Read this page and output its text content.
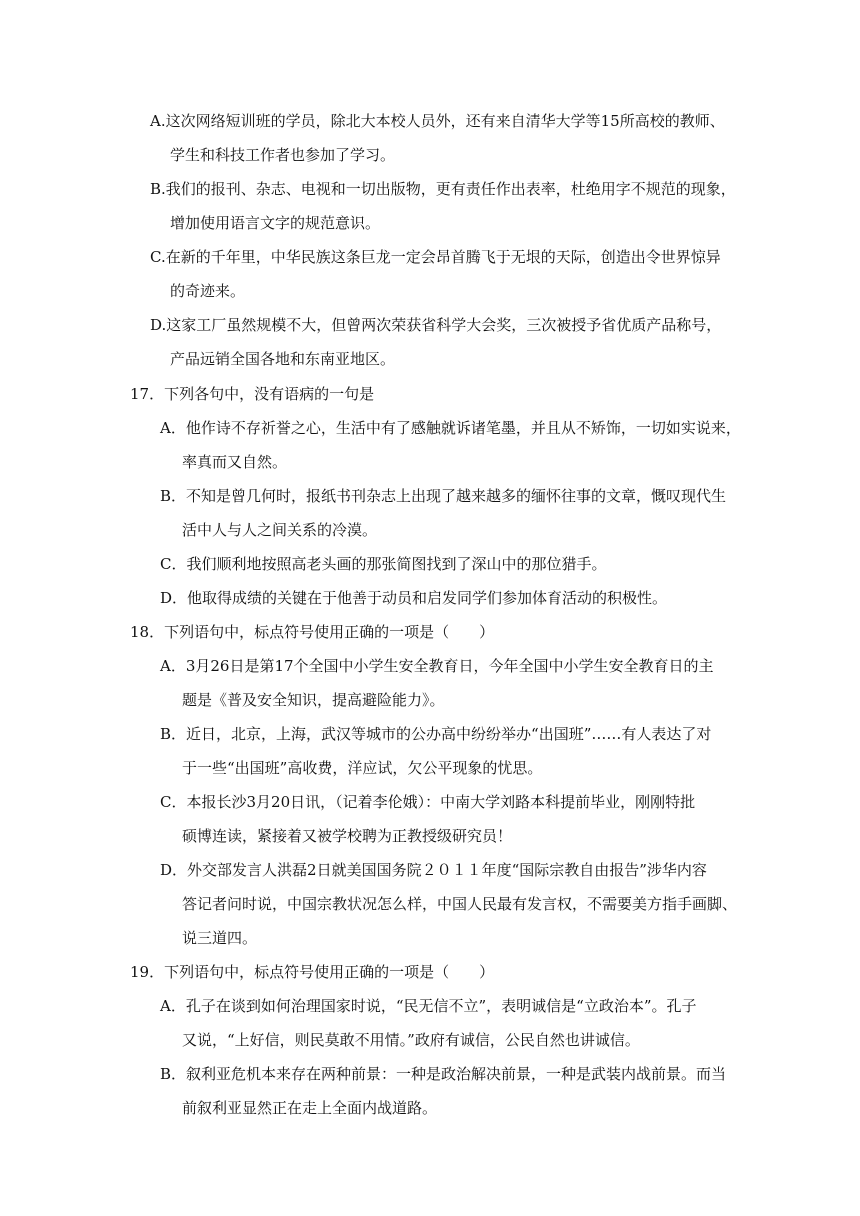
A.这次网络短训班的学员，除北大本校人员外，还有来自清华大学等15所高校的教师、
学生和科技工作者也参加了学习。
B.我们的报刊、杂志、电视和一切出版物，更有责任作出表率，杜绝用字不规范的现象，
增加使用语言文字的规范意识。
C.在新的千年里，中华民族这条巨龙一定会昂首腾飞于无垠的天际，创造出令世界惊异
的奇迹来。
D.这家工厂虽然规模不大，但曾两次荣获省科学大会奖，三次被授予省优质产品称号，
产品远销全国各地和东南亚地区。
17．下列各句中，没有语病的一句是
A．他作诗不存祈誉之心，生活中有了感触就诉诸笔墨，并且从不矫饰，一切如实说来，
率真而又自然。
B．不知是曾几何时，报纸书刊杂志上出现了越来越多的缅怀往事的文章，慨叹现代生
活中人与人之间关系的冷漠。
C．我们顺利地按照高老头画的那张简图找到了深山中的那位猎手。
D．他取得成绩的关键在于他善于动员和启发同学们参加体育活动的积极性。
18．下列语句中，标点符号使用正确的一项是（　　）
A．3月26日是第17个全国中小学生安全教育日，今年全国中小学生安全教育日的主
题是《普及安全知识，提高避险能力》。
B．近日，北京，上海，武汉等城市的公办高中纷纷举办“出国班”……有人表达了对
于一些“出国班”高收费，洋应试，欠公平现象的忧思。
C．本报长沙3月20日讯，（记着李伦娥）：中南大学刘路本科提前毕业，刚刚特批
硕博连读，紧接着又被学校聘为正教授级研究员！
D．外交部发言人洪磊2日就美国国务院２０１１年度“国际宗教自由报告”涉华内容
答记者问时说，中国宗教状况怎么样，中国人民最有发言权，不需要美方指手画脚、
说三道四。
19．下列语句中，标点符号使用正确的一项是（　　）
A．孔子在谈到如何治理国家时说，“民无信不立”，表明诚信是“立政治本”。孔子
又说，“上好信，则民莫敢不用情。”政府有诚信，公民自然也讲诚信。
B．叙利亚危机本来存在两种前景：一种是政治解决前景，一种是武装内战前景。而当
前叙利亚显然正在走上全面内战道路。
